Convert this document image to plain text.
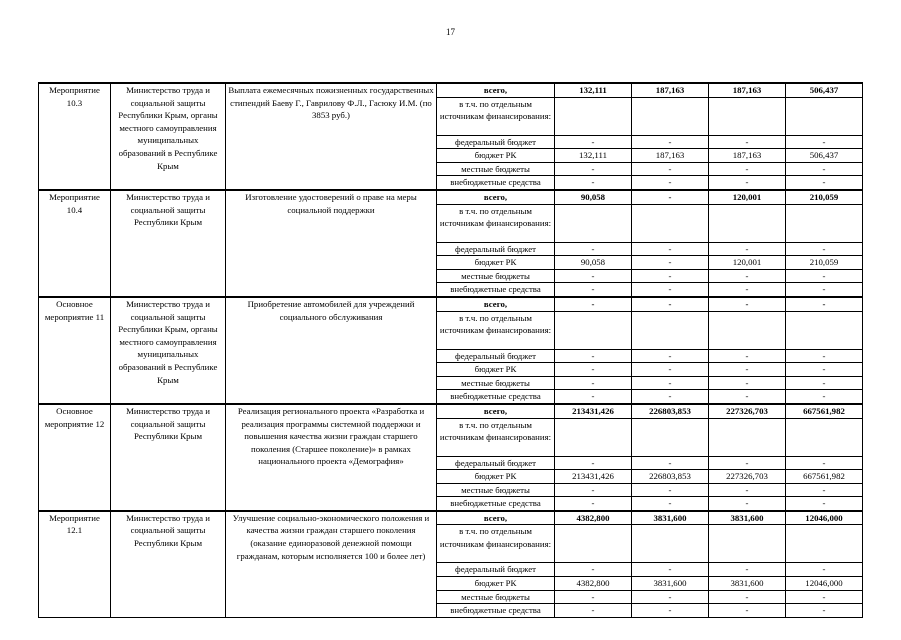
17
Мероприятие 10.3	Министерство труда и социальной защиты Республики Крым, органы местного самоуправления муниципальных образований в Республике Крым	Выплата ежемесячных пожизненных государственных стипендий Баеву Г., Гаврилову Ф.Л., Гасюку И.М. (по 3853 руб.)	всего,	132,111	187,163	187,163	506,437
			в т.ч. по отдельным источникам финансирования:				
			федеральный бюджет	-	-	-	-
			бюджет РК	132,111	187,163	187,163	506,437
			местные бюджеты	-	-	-	-
			внебюджетные средства	-	-	-	-
Мероприятие 10.4	Министерство труда и социальной защиты Республики Крым	Изготовление удостоверений о праве на меры социальной поддержки	всего,	90,058	-	120,001	210,059
			в т.ч. по отдельным источникам финансирования:				
			федеральный бюджет	-	-	-	-
			бюджет РК	90,058	-	120,001	210,059
			местные бюджеты	-	-	-	-
			внебюджетные средства	-	-	-	-
Основное мероприятие 11	Министерство труда и социальной защиты Республики Крым, органы местного самоуправления муниципальных образований в Республике Крым	Приобретение автомобилей для учреждений социального обслуживания	всего,	-	-	-	-
			в т.ч. по отдельным источникам финансирования:				
			федеральный бюджет	-	-	-	-
			бюджет РК	-	-	-	-
			местные бюджеты	-	-	-	-
			внебюджетные средства	-	-	-	-
Основное мероприятие 12	Министерство труда и социальной защиты Республики Крым	Реализация регионального проекта «Разработка и реализация программы системной поддержки и повышения качества жизни граждан старшего поколения (Старшее поколение)» в рамках национального проекта «Демография»	всего,	213431,426	226803,853	227326,703	667561,982
			в т.ч. по отдельным источникам финансирования:				
			федеральный бюджет	-	-	-	-
			бюджет РК	213431,426	226803,853	227326,703	667561,982
			местные бюджеты	-	-	-	-
			внебюджетные средства	-	-	-	-
Мероприятие 12.1	Министерство труда и социальной защиты Республики Крым	Улучшение социально-экономического положения и качества жизни граждан старшего поколения (оказание единоразовой денежной помощи гражданам, которым исполняется 100 и более лет)	всего,	4382,800	3831,600	3831,600	12046,000
			в т.ч. по отдельным источникам финансирования:				
			федеральный бюджет	-	-	-	-
			бюджет РК	4382,800	3831,600	3831,600	12046,000
			местные бюджеты	-	-	-	-
			внебюджетные средства	-	-	-	-
